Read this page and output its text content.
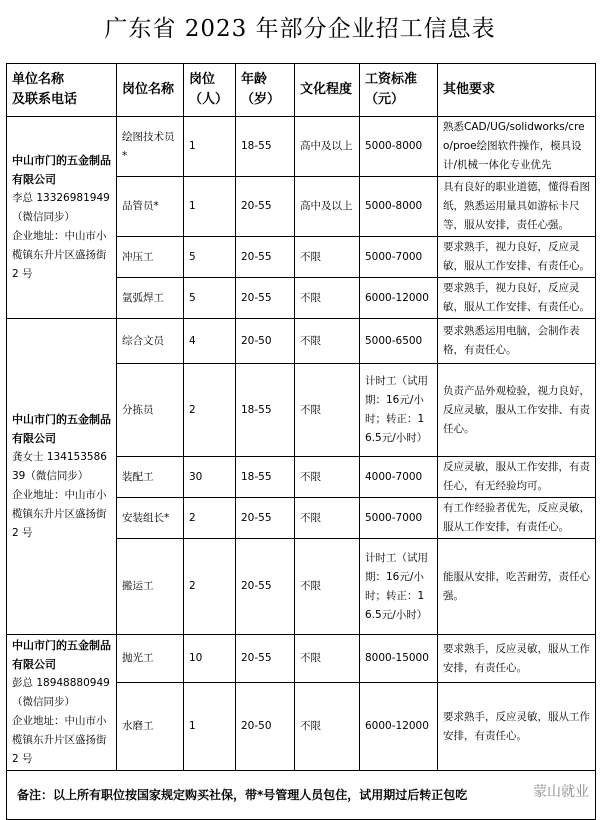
广东省 2023 年部分企业招工信息表
单位名称
及联系电话	岗位名称	岗位（人）	年龄（岁）	文化程度	工资标准（元）	其他要求

中山市门的五金制品有限公司
李总 13326981949（微信同步）
企业地址：中山市小榄镇东升片区盛扬街 2 号	绘图技术员*	1	18-55	高中及以上	5000-8000	熟悉CAD/UG/solidworks/creo/proe绘图软件操作，模具设计/机械一体化专业优先
	品管员*	1	20-55	高中及以上	5000-8000	具有良好的职业道德，懂得看图纸，熟悉运用量具如游标卡尺等，服从安排，责任心强。
	冲压工	5	20-55	不限	5000-7000	要求熟手，视力良好，反应灵敏，服从工作安排、有责任心。
	氩弧焊工	5	20-55	不限	6000-12000	要求熟手，视力良好，反应灵敏，服从工作安排、有责任心。

中山市门的五金制品有限公司
龚女士 13415358639（微信同步）
企业地址：中山市小榄镇东升片区盛扬街 2 号	综合文员	4	20-50	不限	5000-6500	要求熟悉运用电脑，会制作表格，有责任心。
	分拣员	2	18-55	不限	计时工（试用期：16元/小时；转正：16.5元/小时）	负责产品外观检验，视力良好，反应灵敏，服从工作安排、有责任心。
	装配工	30	18-55	不限	4000-7000	反应灵敏，服从工作安排，有责任心，有无经验均可。
	安装组长*	2	20-55	不限	5000-7000	有工作经验者优先，反应灵敏，服从工作安排，有责任心。
	搬运工	2	20-55	不限	计时工（试用期：16元/小时；转正：16.5元/小时）	能服从安排，吃苦耐劳，责任心强。

中山市门的五金制品有限公司
彭总 18948880949（微信同步）
企业地址：中山市小榄镇东升片区盛扬街 2 号	抛光工	10	20-55	不限	8000-15000	要求熟手，反应灵敏，服从工作安排，有责任心。
	水磨工	1	20-50	不限	6000-12000	要求熟手，反应灵敏，服从工作安排，有责任心。
备注：以上所有职位按国家规定购买社保，带*号管理人员包住，试用期过后转正包吃 蒙山就业						
